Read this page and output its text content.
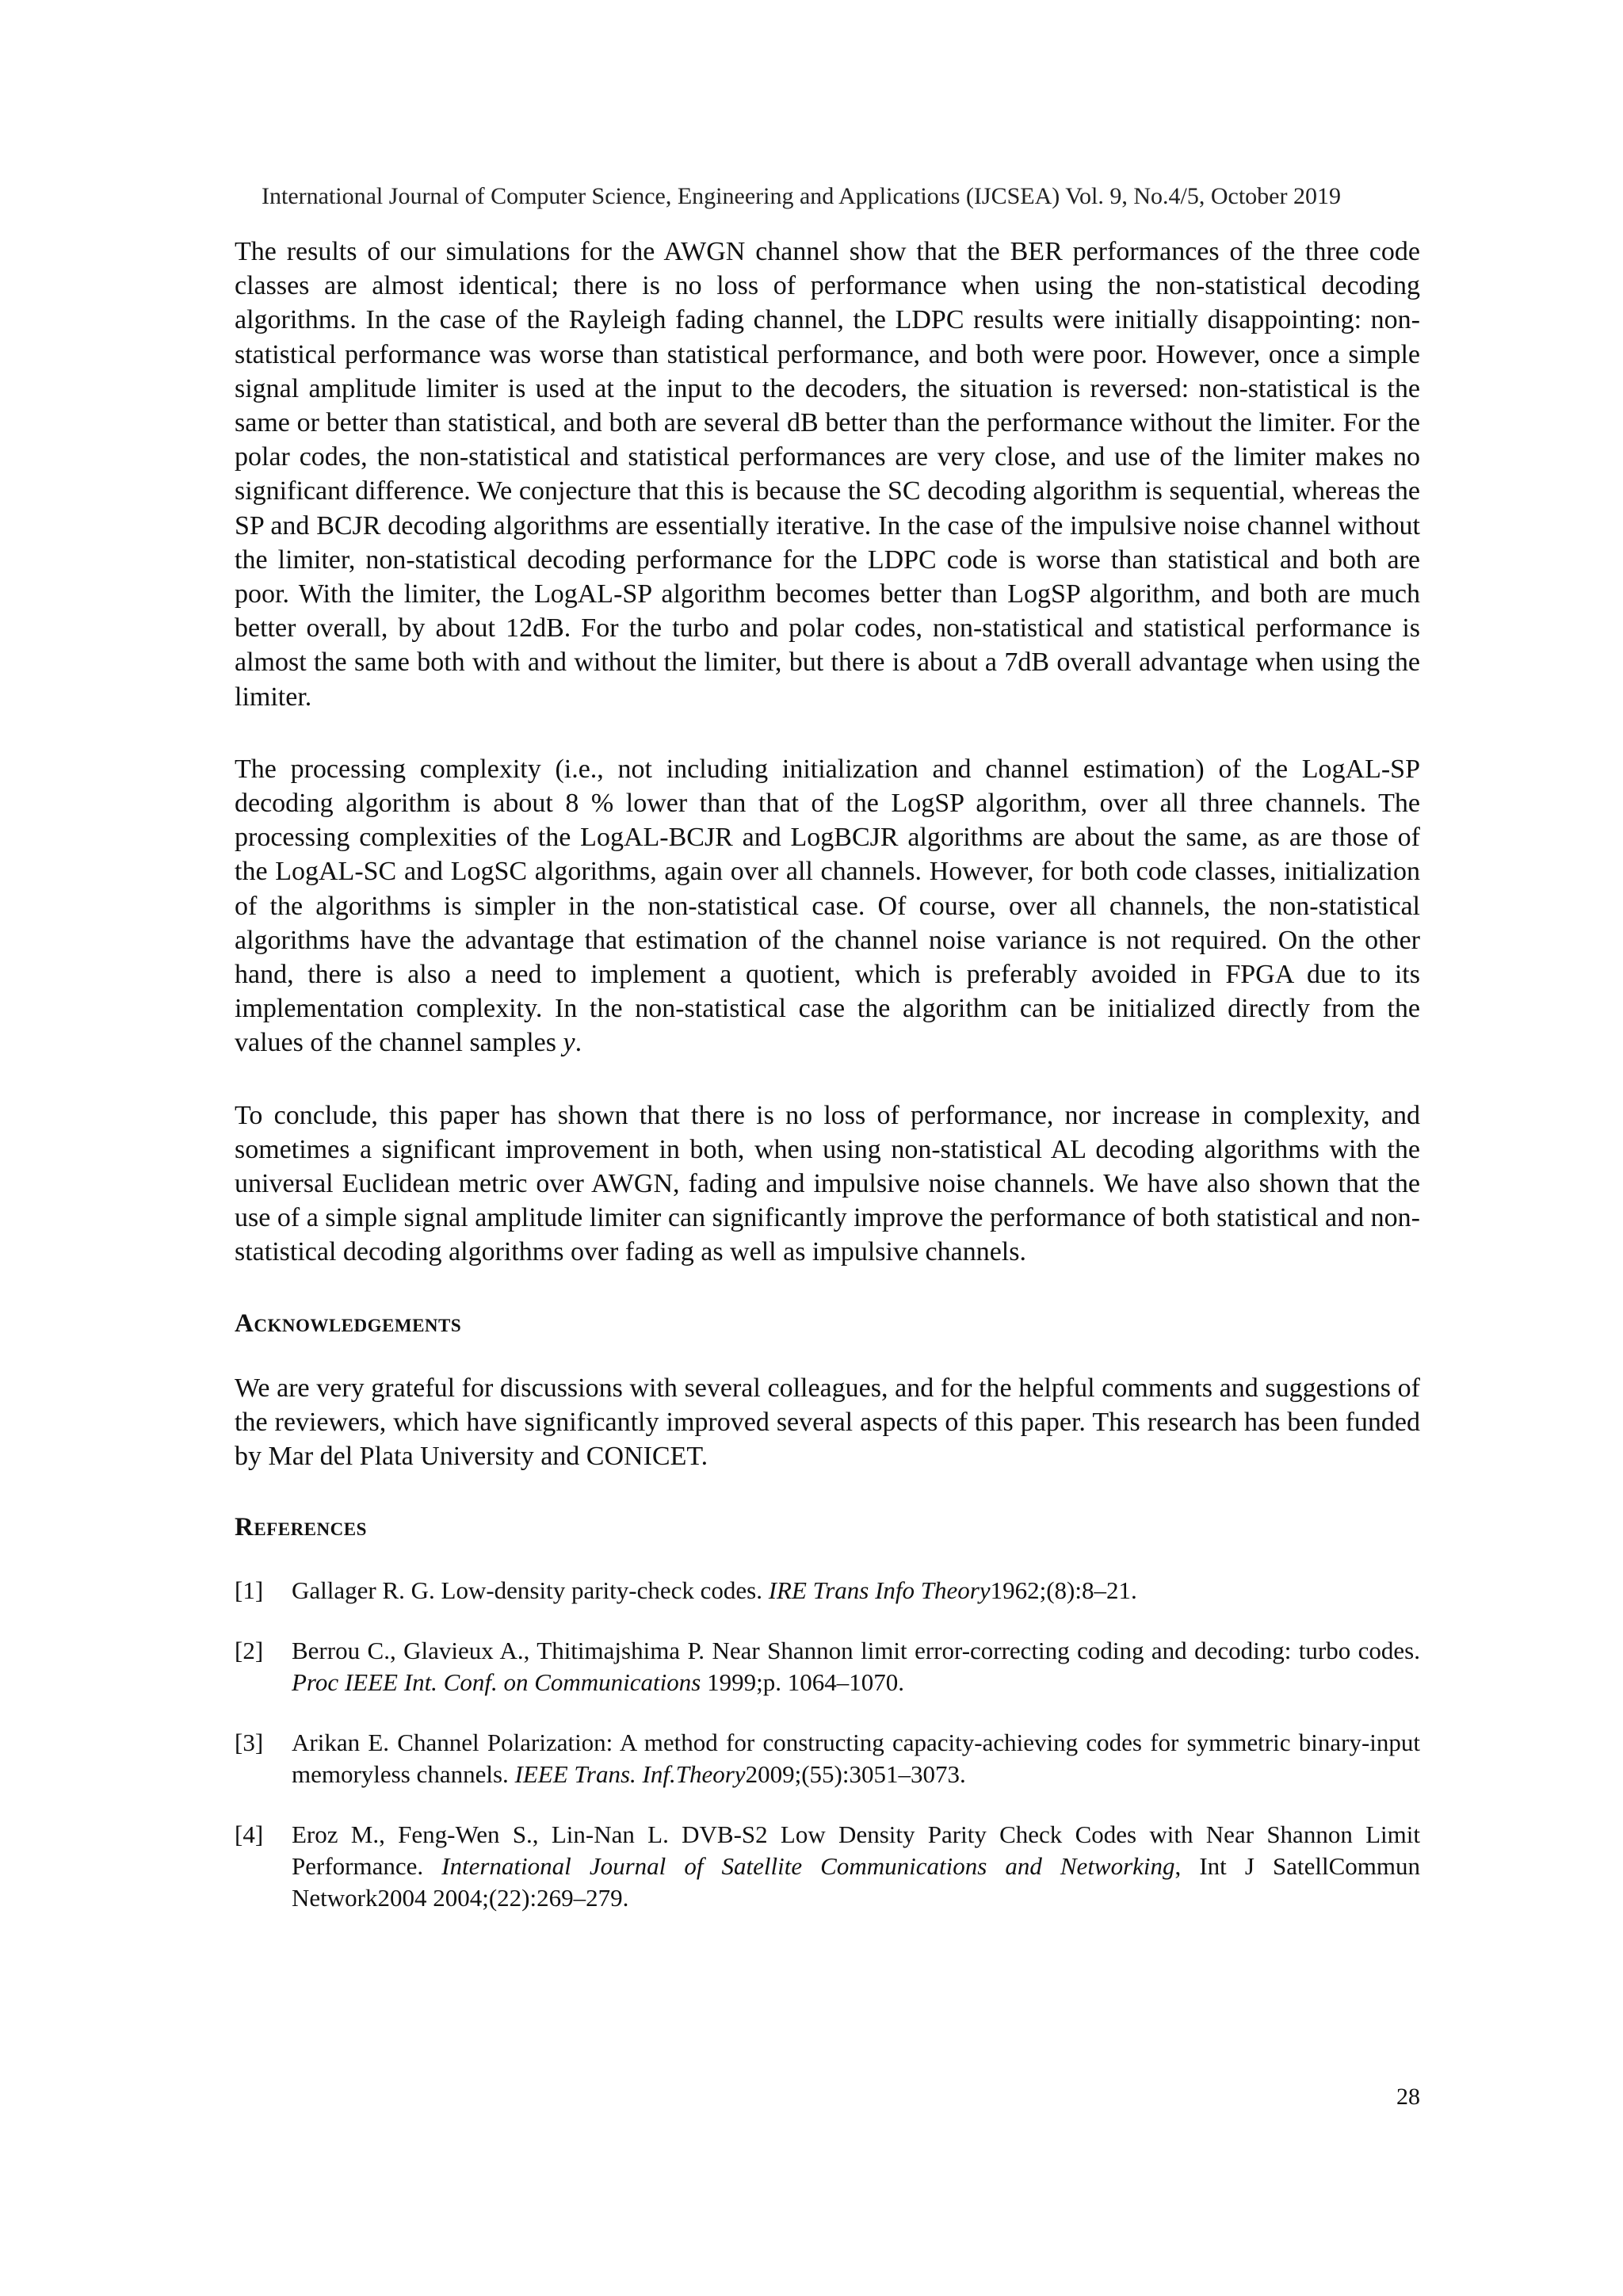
International Journal of Computer Science, Engineering and Applications (IJCSEA) Vol. 9, No.4/5, October 2019

The results of our simulations for the AWGN channel show that the BER performances of the three code classes are almost identical; there is no loss of performance when using the non-statistical decoding algorithms. In the case of the Rayleigh fading channel, the LDPC results were initially disappointing: non-statistical performance was worse than statistical performance, and both were poor. However, once a simple signal amplitude limiter is used at the input to the decoders, the situation is reversed: non-statistical is the same or better than statistical, and both are several dB better than the performance without the limiter. For the polar codes, the non-statistical and statistical performances are very close, and use of the limiter makes no significant difference. We conjecture that this is because the SC decoding algorithm is sequential, whereas the SP and BCJR decoding algorithms are essentially iterative. In the case of the impulsive noise channel without the limiter, non-statistical decoding performance for the LDPC code is worse than statistical and both are poor. With the limiter, the LogAL-SP algorithm becomes better than LogSP algorithm, and both are much better overall, by about 12dB. For the turbo and polar codes, non-statistical and statistical performance is almost the same both with and without the limiter, but there is about a 7dB overall advantage when using the limiter.

The processing complexity (i.e., not including initialization and channel estimation) of the LogAL-SP decoding algorithm is about 8 % lower than that of the LogSP algorithm, over all three channels. The processing complexities of the LogAL-BCJR and LogBCJR algorithms are about the same, as are those of the LogAL-SC and LogSC algorithms, again over all channels. However, for both code classes, initialization of the algorithms is simpler in the non-statistical case. Of course, over all channels, the non-statistical algorithms have the advantage that estimation of the channel noise variance is not required. On the other hand, there is also a need to implement a quotient, which is preferably avoided in FPGA due to its implementation complexity. In the non-statistical case the algorithm can be initialized directly from the values of the channel samples y.

To conclude, this paper has shown that there is no loss of performance, nor increase in complexity, and sometimes a significant improvement in both, when using non-statistical AL decoding algorithms with the universal Euclidean metric over AWGN, fading and impulsive noise channels. We have also shown that the use of a simple signal amplitude limiter can significantly improve the performance of both statistical and non-statistical decoding algorithms over fading as well as impulsive channels.

Acknowledgements

We are very grateful for discussions with several colleagues, and for the helpful comments and suggestions of the reviewers, which have significantly improved several aspects of this paper. This research has been funded by Mar del Plata University and CONICET.

References
[1]	Gallager R. G. Low-density parity-check codes. IRE Trans Info Theory1962;(8):8–21.
[2]	Berrou C., Glavieux A., Thitimajshima P. Near Shannon limit error-correcting coding and decoding: turbo codes. Proc IEEE Int. Conf. on Communications 1999;p. 1064–1070.
[3]	Arikan E. Channel Polarization: A method for constructing capacity-achieving codes for symmetric binary-input memoryless channels. IEEE Trans. Inf.Theory2009;(55):3051–3073.
[4]	Eroz M., Feng-Wen S., Lin-Nan L. DVB-S2 Low Density Parity Check Codes with Near Shannon Limit Performance. International Journal of Satellite Communications and Networking, Int J SatellCommun Network2004 2004;(22):269–279.
28
